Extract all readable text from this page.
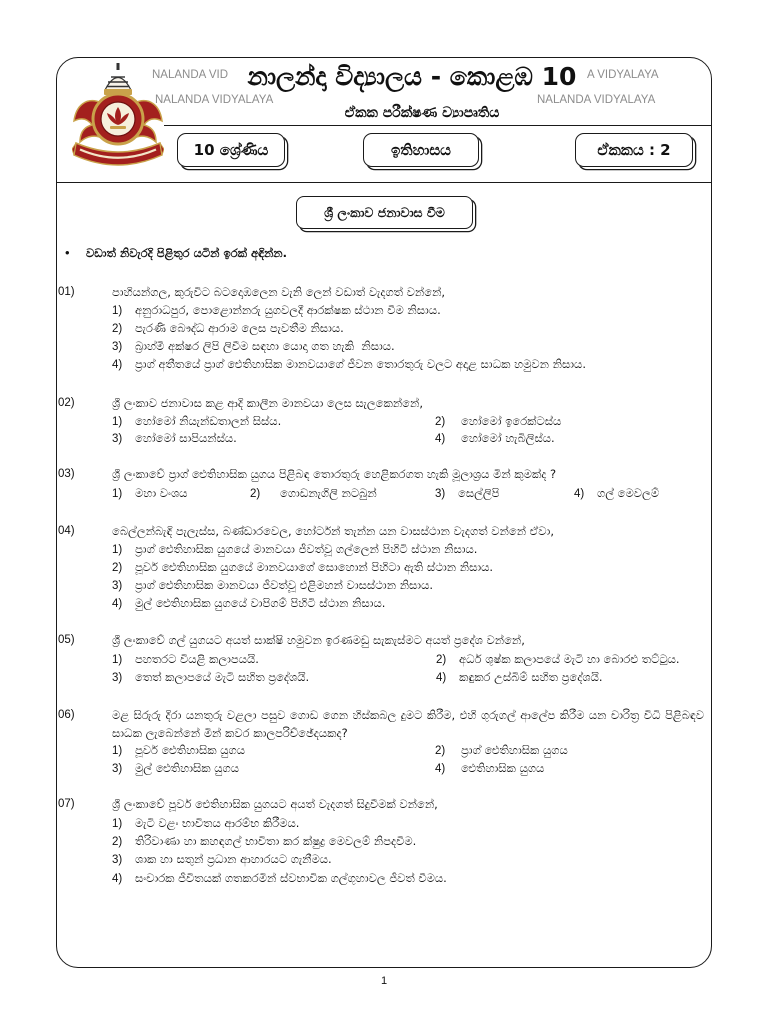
NALANDA VID	A VIDYALAYA
NALANDA VIDYALAYA	NALANDA VIDYALAYA
නාලන්දා විද්‍යාලය - කොළඹ 10
ඒකක පරීක්ෂණ ව්‍යාපෘතිය
10 ශ්‍රේණිය	ඉතිහාසය	ඒකකය : 2
ශ්‍රී ලංකාව ජනාවාස වීම
• වඩාත් නිවැරදි පිළිතුර යටින් ඉරක් අඳින්න.
01)	පාහියන්ගල, කුරුවිට බටදොඹලෙන වැනි ලෙන් වඩාත් වැදගත් වන්නේ,
1) අනුරාධපුර, පොළොන්නරු යුගවලදී ආරක්ෂක ස්ථාන වීම නිසාය.
2) පැරණි බෞද්ධ ආරාම ලෙස පැවතීම නිසාය.
3) බ්‍රාහ්මී අක්ෂර ලිපි ලිවීම සඳහා යොදා ගත හැකි  නිසාය.
4) ප්‍රාග් අතීතයේ ප්‍රාග් ඓතිහාසික මානවයාගේ ජීවන තොරතුරු වලට අදාළ සාධක හමුවන නිසාය.
02)	ශ්‍රී ලංකාව ජනාවාස කළ ආදි කාලීන මානවයා ලෙස සැලකෙන්නේ,
1) හෝමෝ නියැන්ඩතාලන් සිස්ය.	2) හෝමෝ ඉරෙක්ටස්ය
3) හෝමෝ සාපියන්ස්ය.	4) හෝමෝ හැබිලිස්ය.
03)	ශ්‍රී ලංකාවේ ප්‍රාග් ඓතිහාසික යුගය පිළිබඳ තොරතුරු හෙළිකරගත හැකි මූලාශ්‍රය මින් කුමක්ද ?
1) මහා වංශය	2) ගොඩනැගිලි නටබුන්	3) සෙල්ලිපි	4) ගල් මෙවලම්
04)	බෙල්ලන්බැඳි පැලැස්ස, බණ්ඩාරවෙල, හෝර්ටන් තැන්න යන වාසස්ථාන වැදගත් වන්නේ ඒවා,
1) ප්‍රාග් ඓතිහාසික යුගයේ මානවයා ජීවත්වූ ගල්ලෙන් පිහිටි ස්ථාන නිසාය.
2) පූර්ව ඓතිහාසික යුගයේ මානවයාගේ සොහොන් පිහිටා ඇති ස්ථාන නිසාය.
3) ප්‍රාග් ඓතිහාසික මානවයා ජීවත්වූ එළිමහන් වාසස්ථාන නිසාය.
4) මුල් ඓතිහාසික යුගයේ වාපිගම් පිහිටි ස්ථාන නිසාය.
05)	ශ්‍රී ලංකාවේ ගල් යුගයට අයත් සාක්ෂි හමුවන ඉරණමඩු සැකැස්මට අයත් ප්‍රදේශ වන්නේ,
1) පහතරට වියළි කලාපයයි.	2) අර්ධ ශුෂ්ක කලාපයේ මැටි හා බොරළු තට්ටුය.
3) තෙත් කලාපයේ මැටි සහිත ප්‍රදේශයි.	4) කඳුකර උස්බිම් සහිත ප්‍රදේශයි.
06)	මළ සිරුරු දිරා යනතුරු වළලා පසුව ගොඩ ගෙන හිස්කබල දුමට කිරීම, එහි ගුරුගල් ආලේප කිරීම යන චාරිත්‍ර විධි පිළිබඳව සාධක ලැබෙන්නේ මින් කවර කාලපරිච්ඡේදයකද?
1) පූර්ව ඓතිහාසික යුගය	2) ප්‍රාග් ඓතිහාසික යුගය
3) මුල් ඓතිහාසික යුගය	4) ඓතිහාසික යුගය
07)	ශ්‍රී ලංකාවේ පූර්ව ඓතිහාසික යුගයට අයත් වැදගත් සිදුවීමක් වන්නේ,
1) මැටි වළං භාවිතය ආරම්භ කිරීමය.
2) තිරිවාණා හා කහඳගල් භාවිතා කර ක්ෂුද්‍ර මෙවලම් නිපදවීම.
3) ශාක හා සතුන් ප්‍රධාන ආහාරයට ගැනීමය.
4) සංචාරක ජීවිතයක් ගතකරමින් ස්වභාවික ගල්ගුහාවල ජීවත් වීමය.
1
